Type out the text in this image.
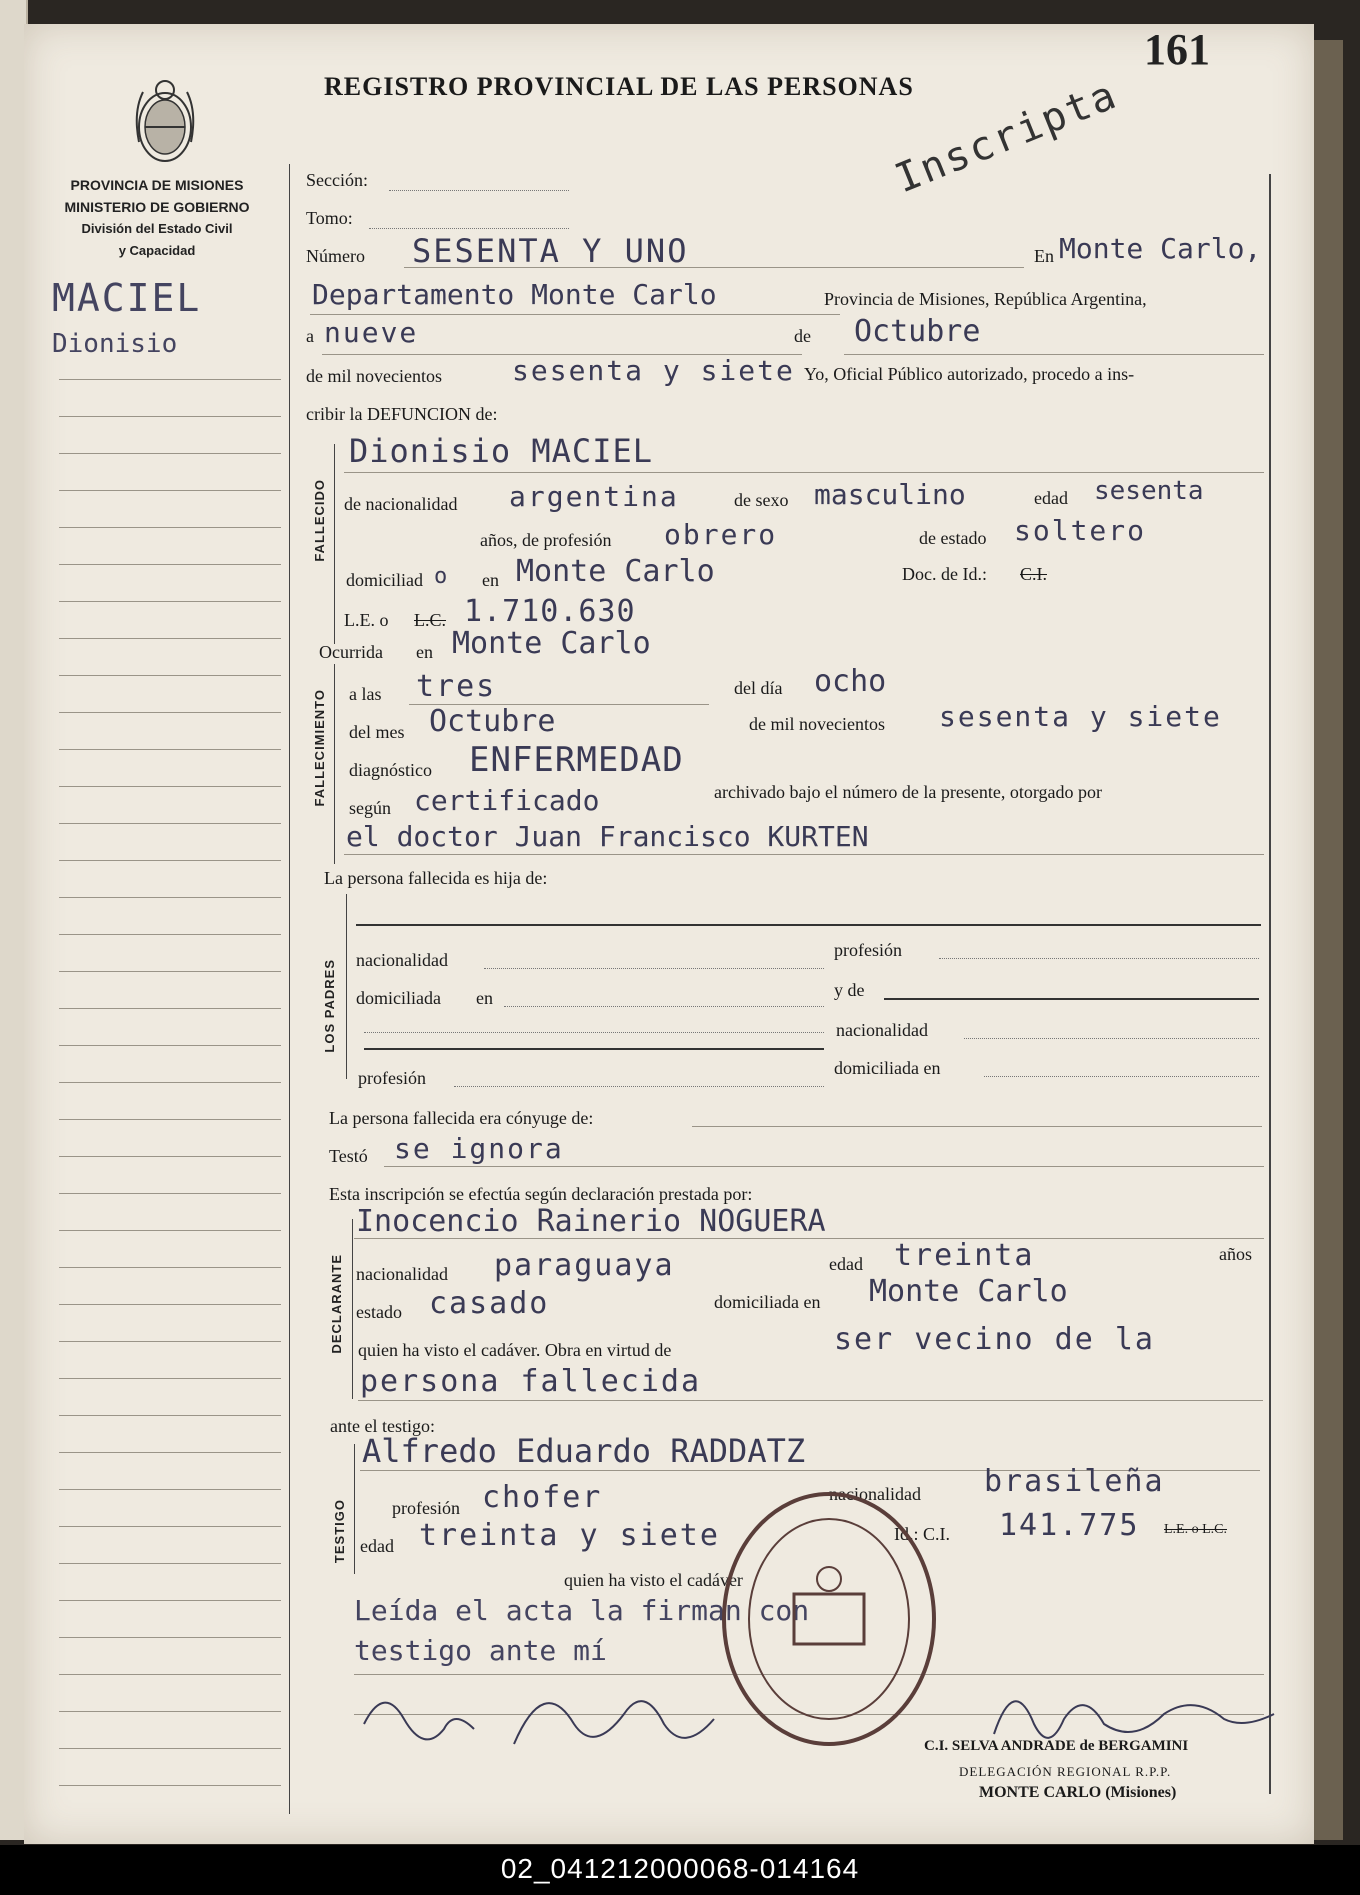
REGISTRO PROVINCIAL DE LAS PERSONAS
161
PROVINCIA DE MISIONES
MINISTERIO DE GOBIERNO
División del Estado Civil
y Capacidad
MACIEL
Dionisio
FALLECIDO
FALLECIMIENTO
LOS PADRES
DECLARANTE
TESTIGO
Sección:
Tomo:
Número SESENTA Y UNO
Inscripta
En Monte Carlo,
Departamento Monte Carlo	Provincia de Misiones, República Argentina,
a nueve	de Octubre
de mil novecientos	sesenta y siete Yo, Oficial Público autorizado, procedo a ins-
cribir la DEFUNCION de:
Dionisio MACIEL
de nacionalidad argentina	de sexo masculino	edad sesenta
años, de profesión obrero	de estado soltero
domiciliad o en Monte Carlo	Doc. de Id.: C.I.
L.E. o L.C. 1.710.630
Ocurrida en Monte Carlo
a las tres	del día ocho
del mes Octubre	de mil novecientos sesenta y siete
diagnóstico ENFERMEDAD
según certificado	archivado bajo el número de la presente, otorgado por
el doctor Juan Francisco KURTEN
La persona fallecida es hija de:
nacionalidad	profesión
domiciliada en	y de
nacionalidad
profesión	domiciliada en
La persona fallecida era cónyuge de:
Testó se ignora
Esta inscripción se efectúa según declaración prestada por:
Inocencio Rainerio NOGUERA
nacionalidad paraguaya	edad treinta	años
estado casado	domiciliada en Monte Carlo
quien ha visto el cadáver. Obra en virtud de	ser vecino de la
persona fallecida
ante el testigo:
Alfredo Eduardo RADDATZ
profesión chofer	nacionalidad brasileña
edad treinta y siete	Id.: C.I. 141.775 L.E. o L.C.
quien ha visto el cadáver
Leída el acta la firman con
testigo ante mí
C.I. SELVA ANDRADE de BERGAMINI
DELEGACIÓN REGIONAL R.P.P.
MONTE CARLO (Misiones)
02_041212000068-014164
